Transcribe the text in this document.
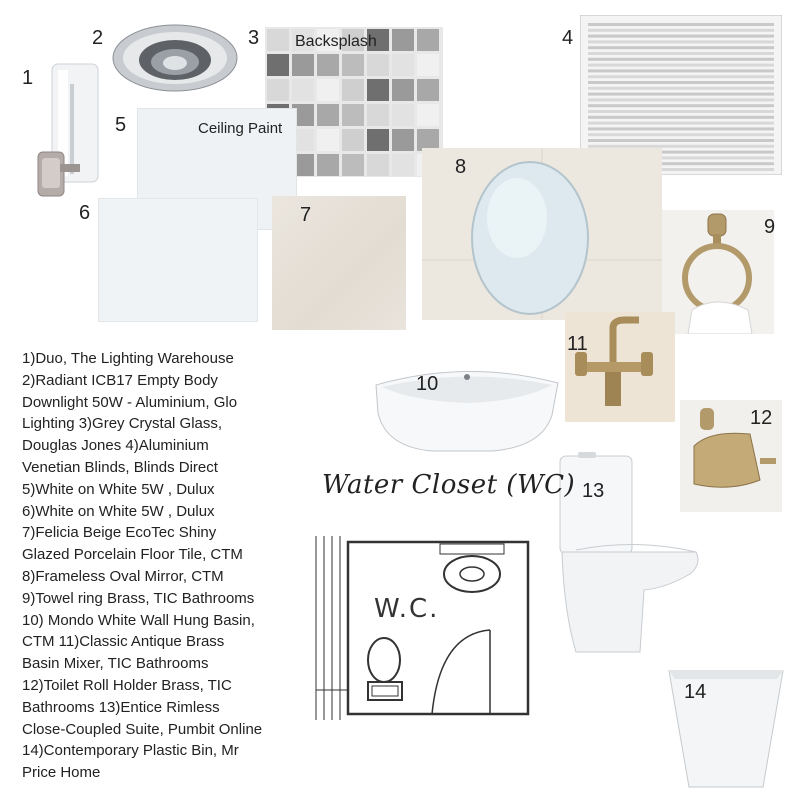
1
2	3 Backsplash	4
5	Ceiling Paint
6	7
8
9
10
11
12
13
14
Water Closet (WC)
W.C.
1)Duo, The Lighting Warehouse
2)Radiant ICB17 Empty Body
Downlight 50W - Aluminium, Glo
Lighting 3)Grey Crystal Glass,
Douglas Jones 4)Aluminium
Venetian Blinds, Blinds Direct
5)White on White 5W , Dulux
6)White on White 5W , Dulux
7)Felicia Beige EcoTec Shiny
Glazed Porcelain Floor Tile, CTM
8)Frameless Oval Mirror, CTM
9)Towel ring Brass, TIC Bathrooms
10) Mondo White Wall Hung Basin,
CTM 11)Classic Antique Brass
Basin Mixer, TIC Bathrooms
12)Toilet Roll Holder Brass, TIC
Bathrooms 13)Entice Rimless
Close-Coupled Suite, Pumbit Online
14)Contemporary Plastic Bin, Mr
Price Home
